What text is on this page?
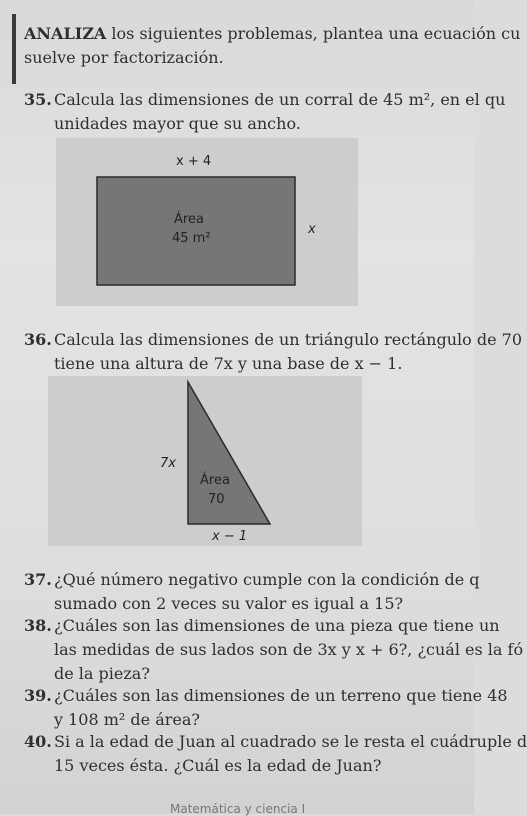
ANALIZA los siguientes problemas, plantea una ecuación cu
suelve por factorización.
35. Calcula las dimensiones de un corral de 45 m², en el qu
unidades mayor que su ancho.
x + 4
x
Área
45 m²
36. Calcula las dimensiones de un triángulo rectángulo de 70
tiene una altura de 7x y una base de x − 1.
7x
Área
70
x − 1
37. ¿Qué número negativo cumple con la condición de q
sumado con 2 veces su valor es igual a 15?
38. ¿Cuáles son las dimensiones de una pieza que tiene un
las medidas de sus lados son de 3x y x + 6?, ¿cuál es la fó
de la pieza?
39. ¿Cuáles son las dimensiones de un terreno que tiene 48
y 108 m² de área?
40. Si a la edad de Juan al cuadrado se le resta el cuádruple d
15 veces ésta. ¿Cuál es la edad de Juan?
Matemática y ciencia I
